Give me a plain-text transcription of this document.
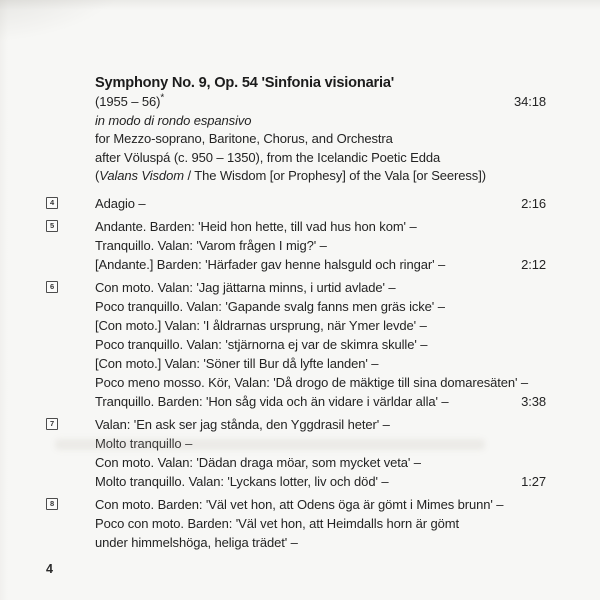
Symphony No. 9, Op. 54 'Sinfonia visionaria'
(1955 – 56)*	34:18
in modo di rondo espansivo
for Mezzo-soprano, Baritone, Chorus, and Orchestra
after Völuspá (c. 950 – 1350), from the Icelandic Poetic Edda
(Valans Visdom / The Wisdom [or Prophesy] of the Vala [or Seeress])
4	Adagio –	2:16
5	Andante. Barden: 'Heid hon hette, till vad hus hon kom' –
Tranquillo. Valan: 'Varom frågen I mig?' –
[Andante.] Barden: 'Härfader gav henne halsguld och ringar' –	2:12
6	Con moto. Valan: 'Jag jättarna minns, i urtid avlade' –
Poco tranquillo. Valan: 'Gapande svalg fanns men gräs icke' –
[Con moto.] Valan: 'I åldrarnas ursprung, när Ymer levde' –
Poco tranquillo. Valan: 'stjärnorna ej var de skimra skulle' –
[Con moto.] Valan: 'Söner till Bur då lyfte landen' –
Poco meno mosso. Kör, Valan: 'Då drogo de mäktige till sina domaresäten' –
Tranquillo. Barden: 'Hon såg vida och än vidare i världar alla' –	3:38
7	Valan: 'En ask ser jag stånda, den Yggdrasil heter' –
Molto tranquillo –
Con moto. Valan: 'Dädan draga möar, som mycket veta' –
Molto tranquillo. Valan: 'Lyckans lotter, liv och död' –	1:27
8	Con moto. Barden: 'Väl vet hon, att Odens öga är gömt i Mimes brunn' –
Poco con moto. Barden: 'Väl vet hon, att Heimdalls horn är gömt
under himmelshöga, heliga trädet' –
4
